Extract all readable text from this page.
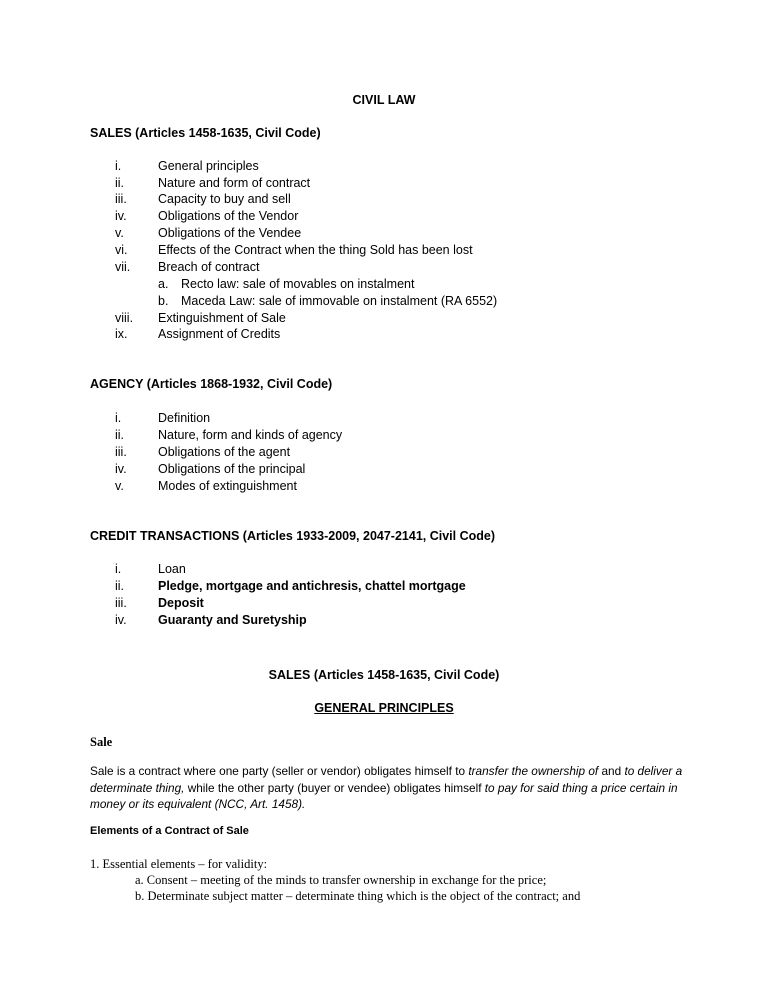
CIVIL LAW
SALES (Articles 1458-1635, Civil Code)
i.	General principles
ii.	Nature and form of contract
iii. Capacity to buy and sell
iv.	Obligations of the Vendor
v.	Obligations of the Vendee
vi. Effects of the Contract when the thing Sold has been lost
vii. Breach of contract
a. Recto law: sale of movables on instalment
b. Maceda Law: sale of immovable on instalment (RA 6552)
viii. Extinguishment of Sale
ix. Assignment of Credits
AGENCY (Articles 1868-1932, Civil Code)
i.	Definition
ii.	Nature, form and kinds of agency
iii. Obligations of the agent
iv.	Obligations of the principal
v.	Modes of extinguishment
CREDIT TRANSACTIONS (Articles 1933-2009, 2047-2141, Civil Code)
i.	Loan
ii.	Pledge, mortgage and antichresis, chattel mortgage
iii. Deposit
iv.	Guaranty and Suretyship
SALES (Articles 1458-1635, Civil Code)
GENERAL PRINCIPLES
Sale
Sale is a contract where one party (seller or vendor) obligates himself to transfer the ownership of and to deliver a determinate thing, while the other party (buyer or vendee) obligates himself to pay for said thing a price certain in money or its equivalent (NCC, Art. 1458).
Elements of a Contract of Sale
1. Essential elements – for validity:
a. Consent – meeting of the minds to transfer ownership in exchange for the price;
b. Determinate subject matter – determinate thing which is the object of the contract; and
